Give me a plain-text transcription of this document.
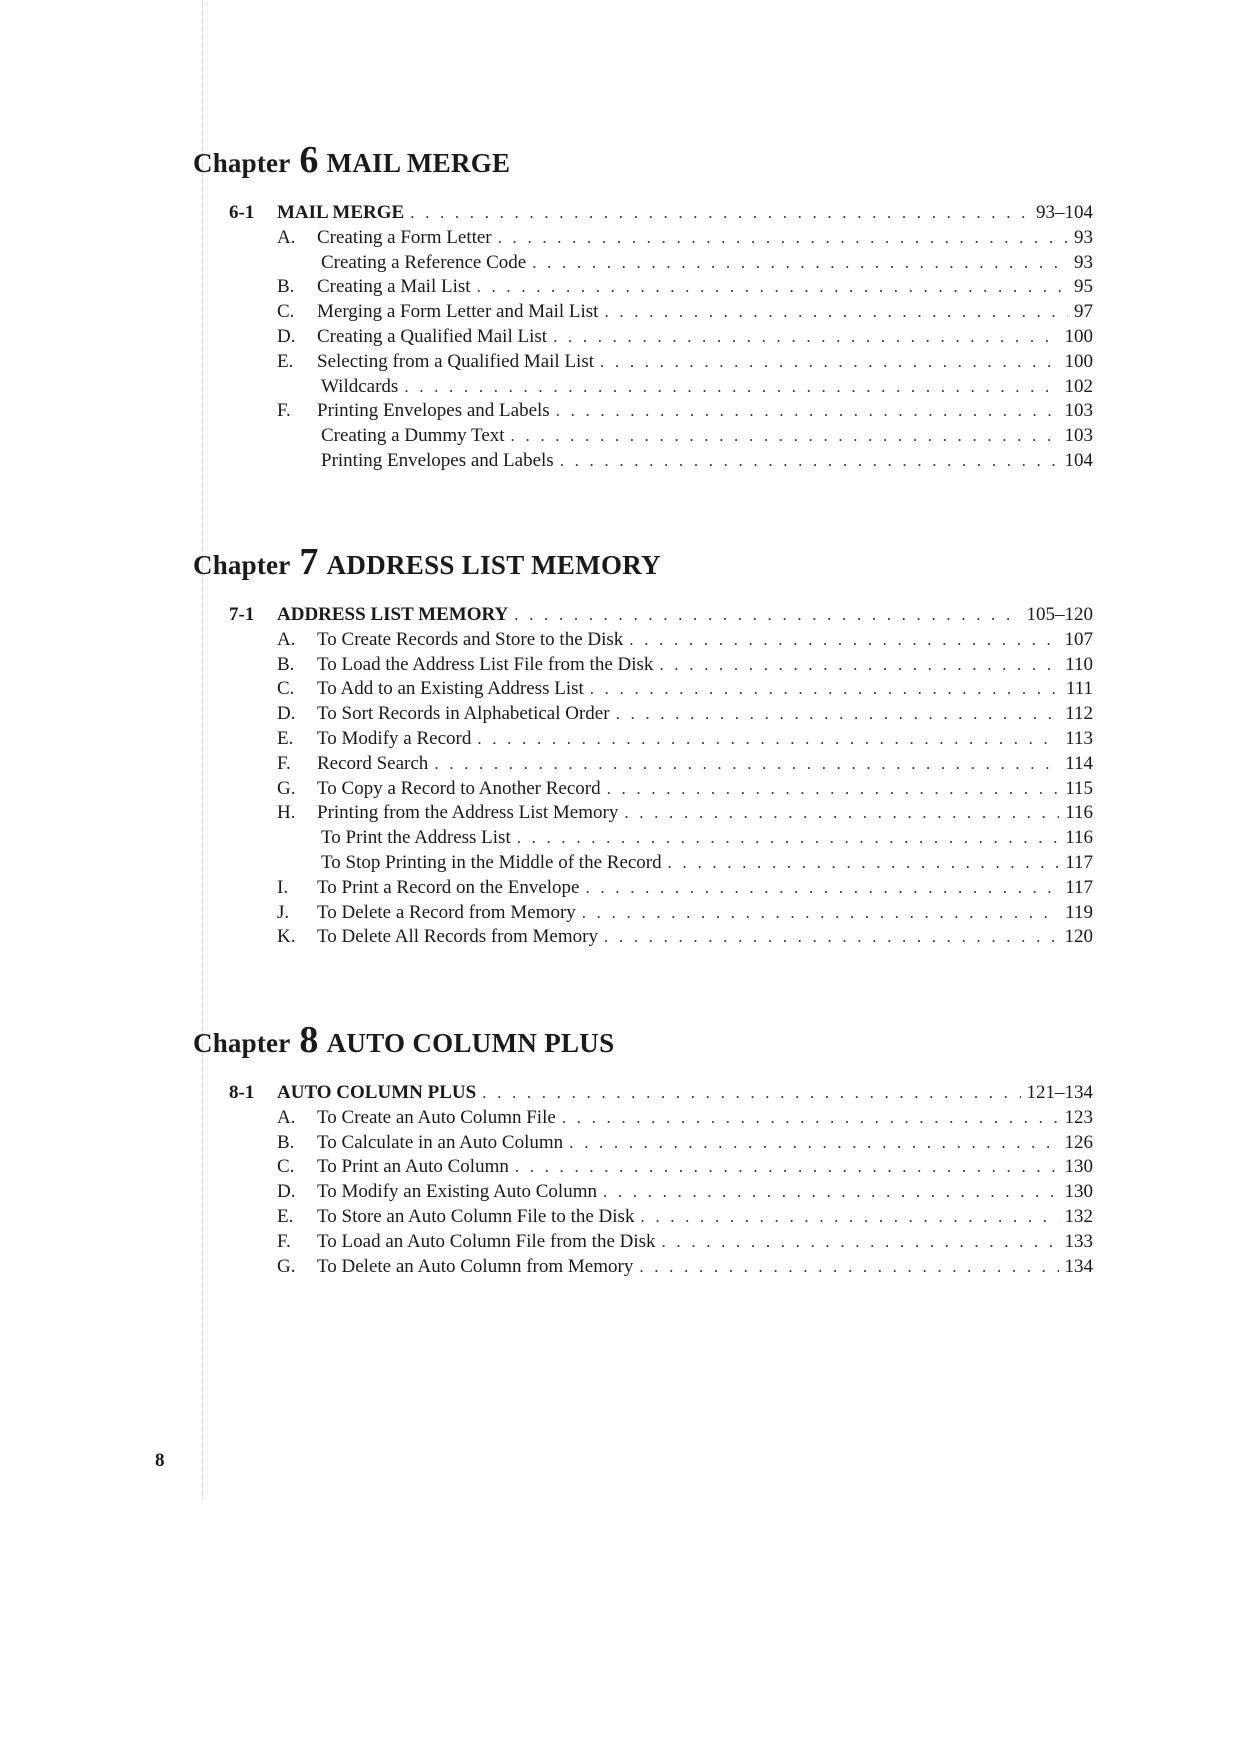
Chapter 6 MAIL MERGE
6-1 MAIL MERGE . . .	93–104
A. Creating a Form Letter . . .	93
Creating a Reference Code . . .	93
B. Creating a Mail List . . .	95
C. Merging a Form Letter and Mail List . . .	97
D. Creating a Qualified Mail List . . .	100
E. Selecting from a Qualified Mail List . . .	100
Wildcards . . .	102
F. Printing Envelopes and Labels . . .	103
Creating a Dummy Text . . .	103
Printing Envelopes and Labels . . .	104
Chapter 7 ADDRESS LIST MEMORY
7-1 ADDRESS LIST MEMORY . . .	105–120
A. To Create Records and Store to the Disk . . .	107
B. To Load the Address List File from the Disk . . .	110
C. To Add to an Existing Address List . . .	111
D. To Sort Records in Alphabetical Order . . .	112
E. To Modify a Record . . .	113
F. Record Search . . .	114
G. To Copy a Record to Another Record . . .	115
H. Printing from the Address List Memory . . .	116
To Print the Address List . . .	116
To Stop Printing in the Middle of the Record . . .	117
I. To Print a Record on the Envelope . . .	117
J. To Delete a Record from Memory . . .	119
K. To Delete All Records from Memory . . .	120
Chapter 8 AUTO COLUMN PLUS
8-1 AUTO COLUMN PLUS . . .	121–134
A. To Create an Auto Column File . . .	123
B. To Calculate in an Auto Column . . .	126
C. To Print an Auto Column . . .	130
D. To Modify an Existing Auto Column . . .	130
E. To Store an Auto Column File to the Disk . . .	132
F. To Load an Auto Column File from the Disk . . .	133
G. To Delete an Auto Column from Memory . . .	134
8
